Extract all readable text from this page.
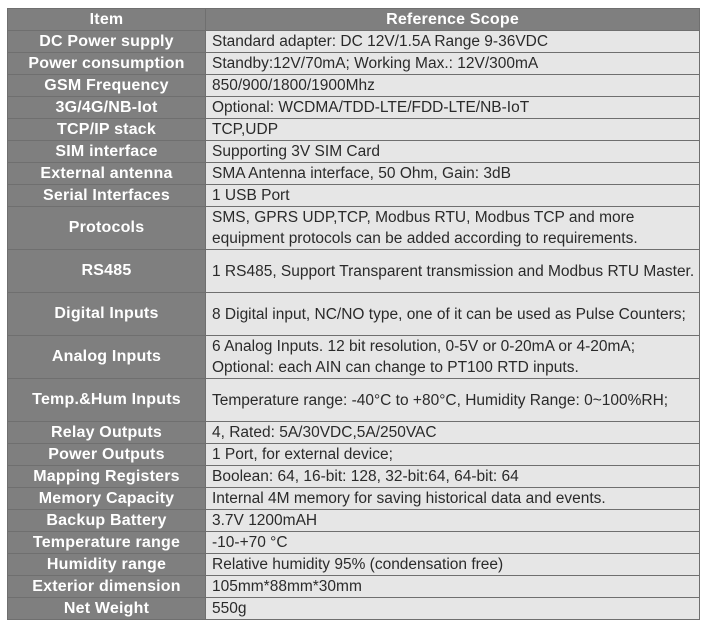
Item	Reference Scope
DC Power supply	Standard adapter: DC 12V/1.5A Range 9-36VDC
Power consumption	Standby:12V/70mA; Working Max.: 12V/300mA
GSM Frequency	850/900/1800/1900Mhz
3G/4G/NB-Iot	Optional: WCDMA/TDD-LTE/FDD-LTE/NB-IoT
TCP/IP stack	TCP,UDP
SIM interface	Supporting 3V SIM Card
External antenna	SMA Antenna interface, 50 Ohm, Gain: 3dB
Serial Interfaces	1 USB Port
Protocols	SMS, GPRS UDP,TCP, Modbus RTU, Modbus TCP and more equipment protocols can be added according to requirements.
RS485	1 RS485, Support Transparent transmission and Modbus RTU Master.
Digital Inputs	8 Digital input, NC/NO type, one of it can be used as Pulse Counters;
Analog Inputs	6 Analog Inputs. 12 bit resolution, 0-5V or 0-20mA or 4-20mA; Optional: each AIN can change to PT100 RTD inputs.
Temp.&Hum Inputs	Temperature range: -40°C to +80°C, Humidity Range: 0~100%RH;
Relay Outputs	4, Rated: 5A/30VDC,5A/250VAC
Power Outputs	1 Port, for external device;
Mapping Registers	Boolean: 64, 16-bit: 128, 32-bit:64, 64-bit: 64
Memory Capacity	Internal 4M memory for saving historical data and events.
Backup Battery	3.7V 1200mAH
Temperature range	-10-+70 °C
Humidity range	Relative humidity 95% (condensation free)
Exterior dimension	105mm*88mm*30mm
Net Weight	550g
